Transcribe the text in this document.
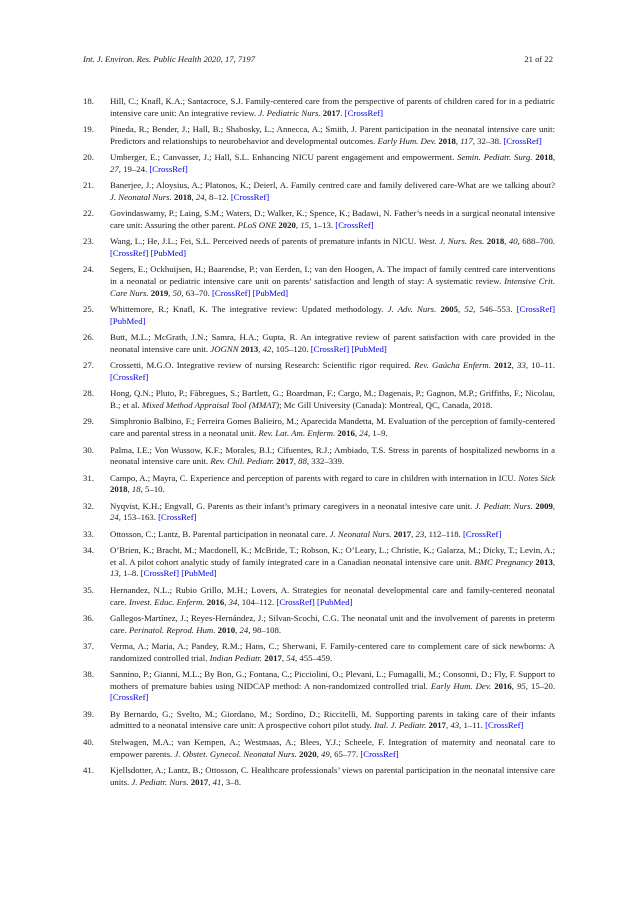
Int. J. Environ. Res. Public Health 2020, 17, 7197	21 of 22
18. Hill, C.; Knafl, K.A.; Santacroce, S.J. Family-centered care from the perspective of parents of children cared for in a pediatric intensive care unit: An integrative review. J. Pediatric Nurs. 2017. [CrossRef]
19. Pineda, R.; Bender, J.; Hall, B.; Shabosky, L.; Annecca, A.; Smith, J. Parent participation in the neonatal intensive care unit: Predictors and relationships to neurobehavior and developmental outcomes. Early Hum. Dev. 2018, 117, 32–38. [CrossRef]
20. Umberger, E.; Canvasser, J.; Hall, S.L. Enhancing NICU parent engagement and empowerment. Semin. Pediatr. Surg. 2018, 27, 19–24. [CrossRef]
21. Banerjee, J.; Aloysius, A.; Platonos, K.; Deierl, A. Family centred care and family delivered care-What are we talking about? J. Neonatal Nurs. 2018, 24, 8–12. [CrossRef]
22. Govindaswamy, P.; Laing, S.M.; Waters, D.; Walker, K.; Spence, K.; Badawi, N. Father’s needs in a surgical neonatal intensive care unit: Assuring the other parent. PLoS ONE 2020, 15, 1–13. [CrossRef]
23. Wang, L.; He, J.L.; Fei, S.L. Perceived needs of parents of premature infants in NICU. West. J. Nurs. Res. 2018, 40, 688–700. [CrossRef] [PubMed]
24. Segers, E.; Ockhuijsen, H.; Baarendse, P.; van Eerden, I.; van den Hoogen, A. The impact of family centred care interventions in a neonatal or pediatric intensive care unit on parents’ satisfaction and length of stay: A systematic review. Intensive Crit. Care Nurs. 2019, 50, 63–70. [CrossRef] [PubMed]
25. Whittemore, R.; Knafl, K. The integrative review: Updated methodology. J. Adv. Nurs. 2005, 52, 546–553. [CrossRef] [PubMed]
26. Butt, M.L.; McGrath, J.N.; Samra, H.A.; Gupta, R. An integrative review of parent satisfaction with care provided in the neonatal intensive care unit. JOGNN 2013, 42, 105–120. [CrossRef] [PubMed]
27. Crossetti, M.G.O. Integrative review of nursing Research: Scientific rigor required. Rev. Gaúcha Enferm. 2012, 33, 10–11. [CrossRef]
28. Hong, Q.N.; Pluto, P.; Fàbregues, S.; Bartlett, G.; Boardman, F.; Cargo, M.; Dagenais, P.; Gagnon, M.P.; Griffiths, F.; Nicolau, B.; et al. Mixed Method Appraisal Tool (MMAT); Mc Gill University (Canada): Montreal, QC, Canada, 2018.
29. Simphronio Balbino, F.; Ferreira Gomes Balieiro, M.; Aparecida Mandetta, M. Evaluation of the perception of family-centered care and parental stress in a neonatal unit. Rev. Lat. Am. Enferm. 2016, 24, 1–9.
30. Palma, I.E.; Von Wussow, K.F.; Morales, B.I.; Cifuentes, R.J.; Ambiado, T.S. Stress in parents of hospitalized newborns in a neonatal intensive care unit. Rev. Chil. Pediatr. 2017, 88, 332–339.
31. Campo, A.; Mayra, C. Experience and perception of parents with regard to care in children with internation in ICU. Notes Sick 2018, 18, 5–10.
32. Nyqvist, K.H.; Engvall, G. Parents as their infant’s primary caregivers in a neonatal intesive care unit. J. Pediatr. Nurs. 2009, 24, 153–163. [CrossRef]
33. Ottosson, C.; Lantz, B. Parental participation in neonatal care. J. Neonatal Nurs. 2017, 23, 112–118. [CrossRef]
34. O’Brien, K.; Bracht, M.; Macdonell, K.; McBride, T.; Robson, K.; O’Leary, L.; Christie, K.; Galarza, M.; Dicky, T.; Levin, A.; et al. A pilot cohort analytic study of family integrated care in a Canadian neonatal intensive care unit. BMC Pregnancy 2013, 13, 1–8. [CrossRef] [PubMed]
35. Hernandez, N.L.; Rubio Grillo, M.H.; Lovers, A. Strategies for neonatal developmental care and family-centered neonatal care. Invest. Educ. Enferm. 2016, 34, 104–112. [CrossRef] [PubMed]
36. Gallegos-Martínez, J.; Reyes-Hernández, J.; Silvan-Scochi, C.G. The neonatal unit and the involvement of parents in preterm care. Perinatol. Reprod. Hum. 2010, 24, 98–108.
37. Verma, A.; Maria, A.; Pandey, R.M.; Hans, C.; Sherwani, F. Family-centered care to complement care of sick newborns: A randomized controlled trial. Indian Pediatr. 2017, 54, 455–459.
38. Sannino, P.; Gianni, M.L.; By Bon, G.; Fontana, C.; Picciolini, O.; Plevani, L.; Fumagalli, M.; Consonni, D.; Fly, F. Support to mothers of premature babies using NIDCAP method: A non-randomized controlled trial. Early Hum. Dev. 2016, 95, 15–20. [CrossRef]
39. By Bernardo, G.; Svelto, M.; Giordano, M.; Sordino, D.; Riccitelli, M. Supporting parents in taking care of their infants admitted to a neonatal intensive care unit: A prospective cohort pilot study. Ital. J. Pediatr. 2017, 43, 1–11. [CrossRef]
40. Stelwagen, M.A.; van Kempen, A.; Westmaas, A.; Blees, Y.J.; Scheele, F. Integration of maternity and neonatal care to empower parents. J. Obstet. Gynecol. Neonatal Nurs. 2020, 49, 65–77. [CrossRef]
41. Kjellsdotter, A.; Lantz, B.; Ottosson, C. Healthcare professionals’ views on parental participation in the neonatal intensive care units. J. Pediatr. Nurs. 2017, 41, 3–8.
